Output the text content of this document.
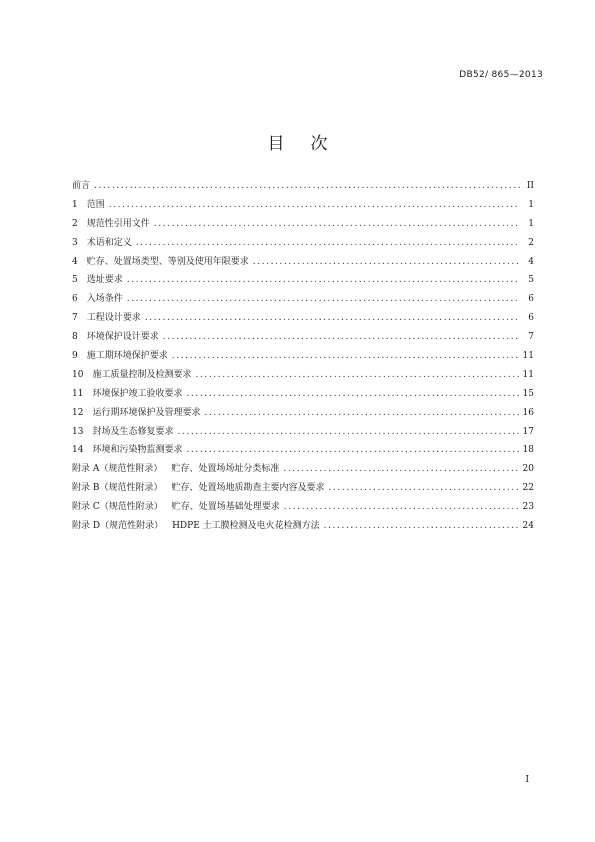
DB52/ 865—2013
目 次
前言 .....	II
1 范围 .....	1
2 规范性引用文件 .....	1
3 术语和定义 .....	2
4 贮存、处置场类型、等别及使用年限要求 .....	4
5 选址要求 .....	5
6 入场条件 .....	6
7 工程设计要求 .....	6
8 环境保护设计要求 .....	7
9 施工期环境保护要求 .....	11
10 施工质量控制及检测要求 .....	11
11 环境保护竣工验收要求 .....	15
12 运行期环境保护及管理要求 .....	16
13 封场及生态修复要求 .....	17
14 环境和污染物监测要求 .....	18
附录 A（规范性附录） 贮存、处置场场址分类标准 .....	20
附录 B（规范性附录） 贮存、处置场地质勘查主要内容及要求 .....	22
附录 C（规范性附录） 贮存、处置场基础处理要求 .....	23
附录 D（规范性附录） HDPE 土工膜检测及电火花检测方法 .....	24
I
